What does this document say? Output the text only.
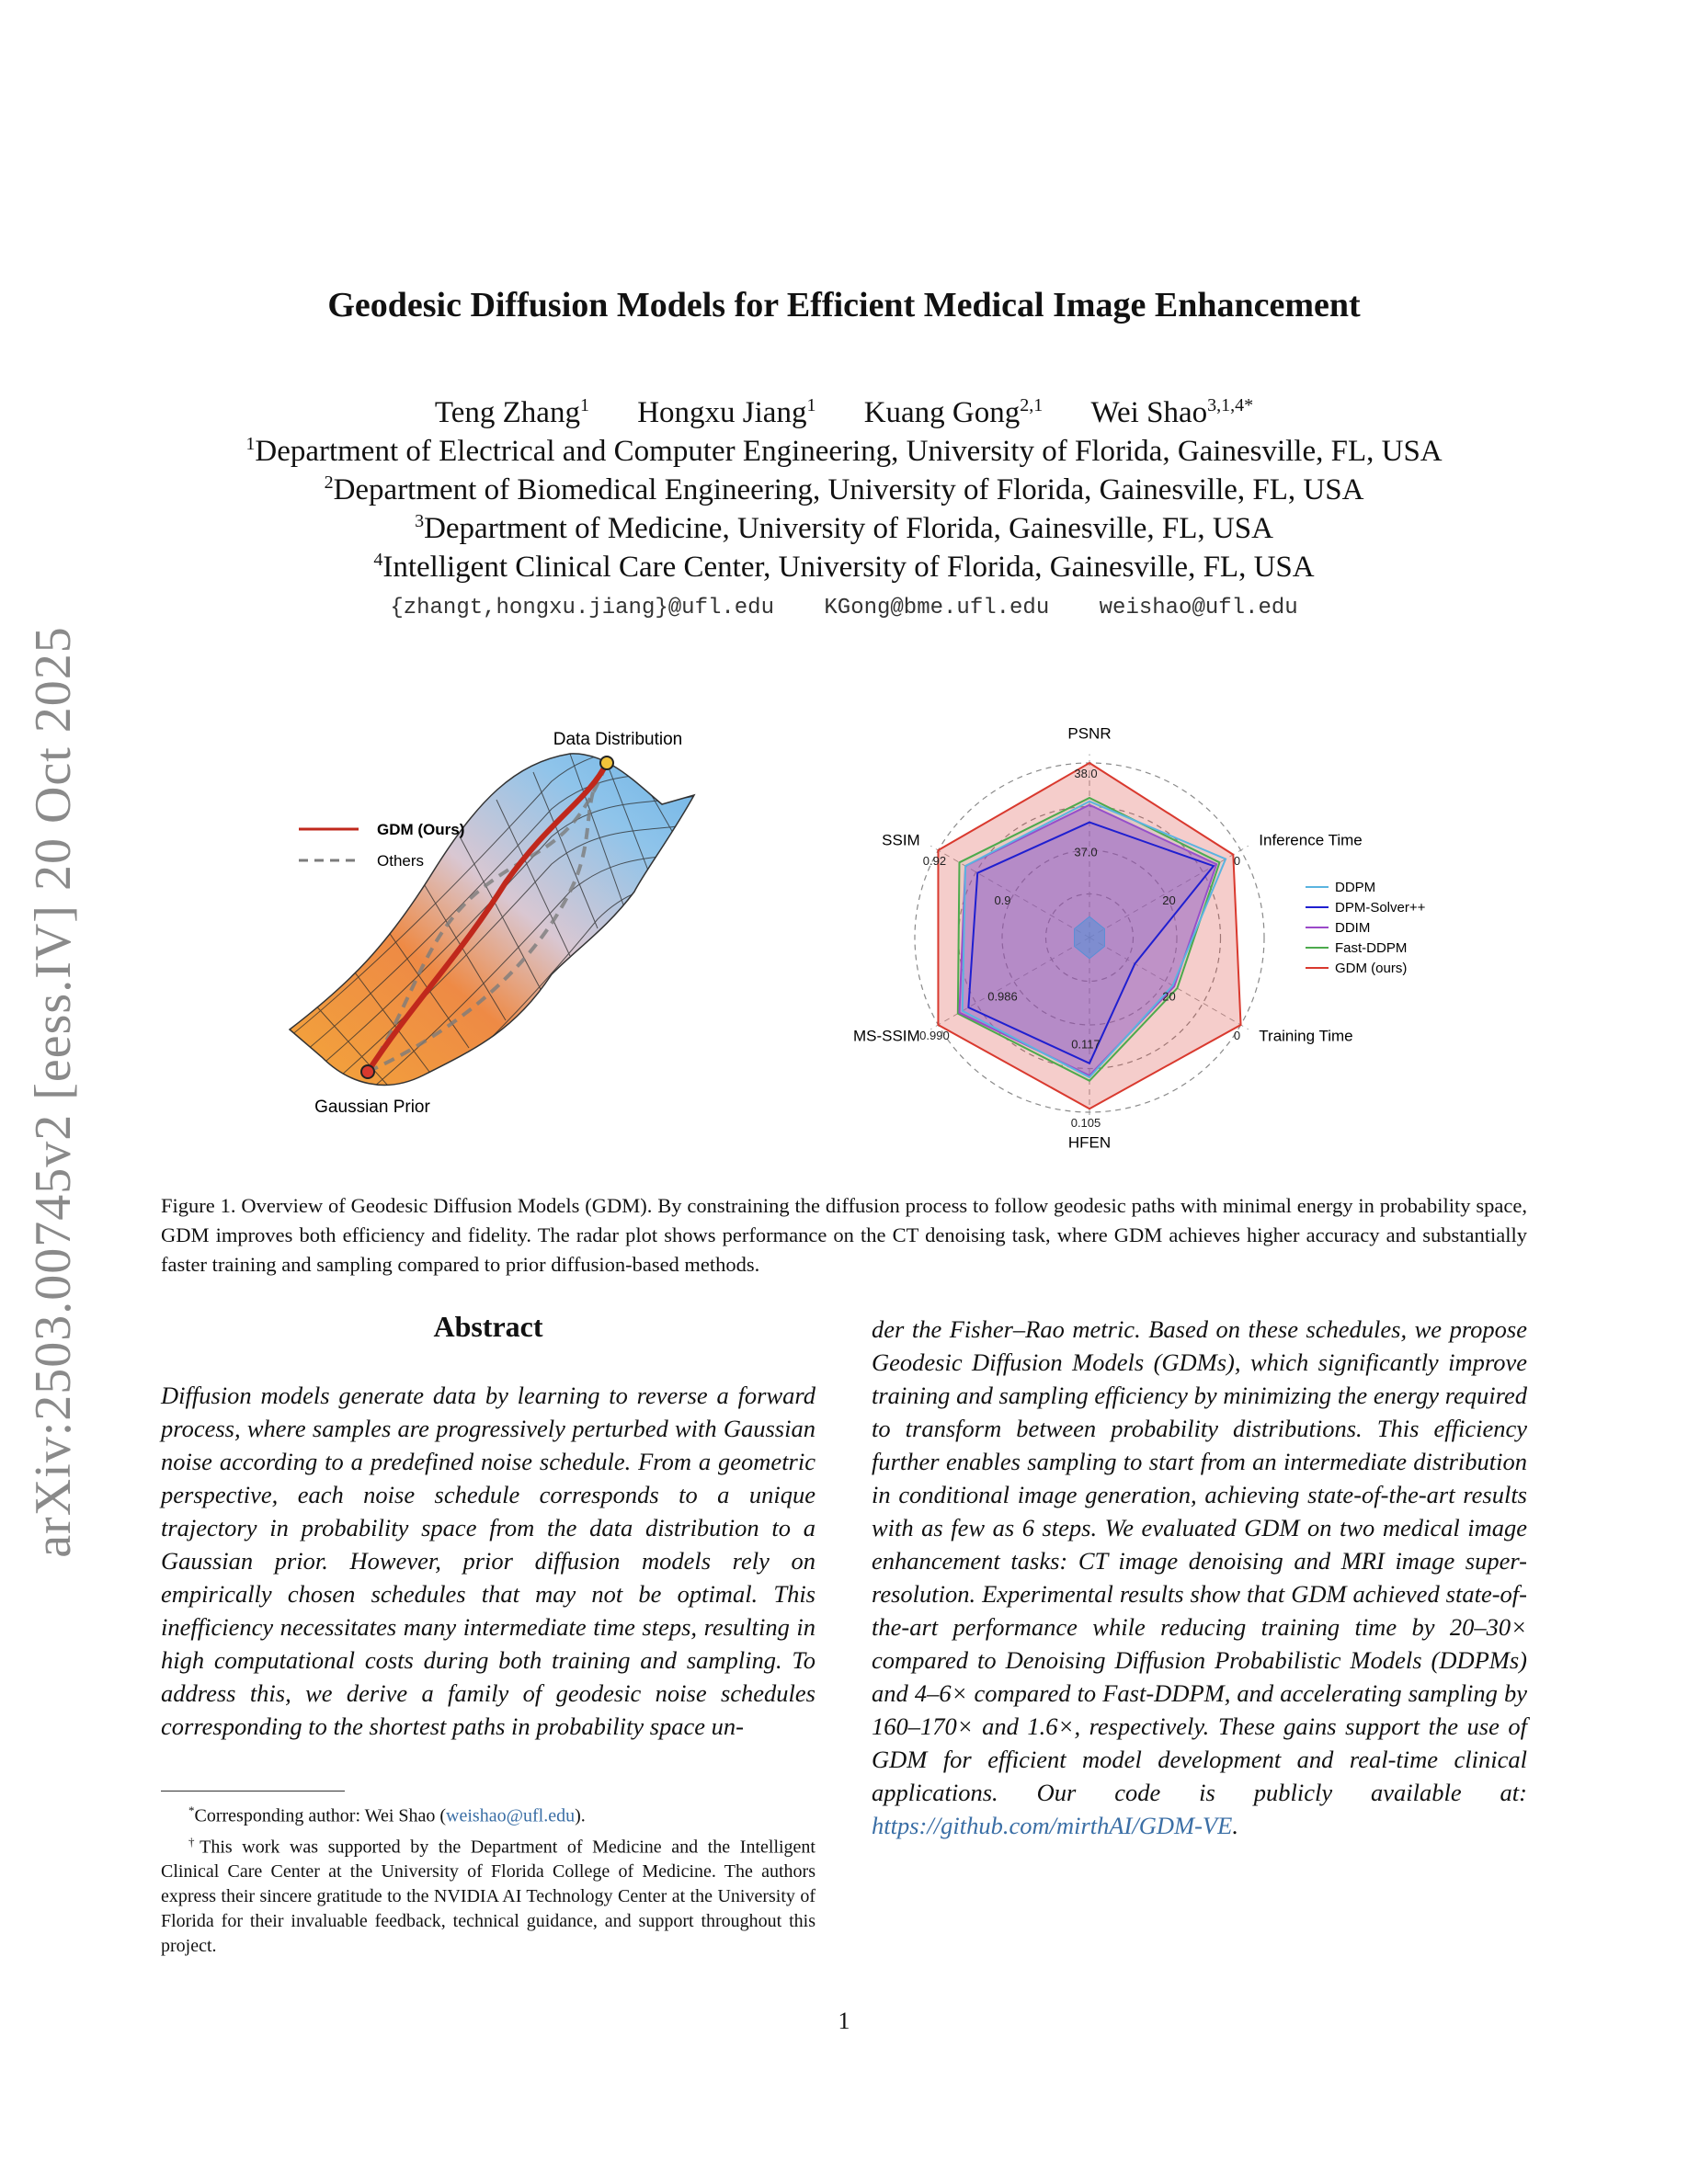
arXiv:2503.00745v2 [eess.IV] 20 Oct 2025
Geodesic Diffusion Models for Efficient Medical Image Enhancement
Teng Zhang$^1$ Hongxu Jiang$^1$ Kuang Gong$^{2,1}$ Wei Shao$^{3,1,4*}$
$^1$Department of Electrical and Computer Engineering, University of Florida, Gainesville, FL, USA
$^2$Department of Biomedical Engineering, University of Florida, Gainesville, FL, USA
$^3$Department of Medicine, University of Florida, Gainesville, FL, USA
$^4$Intelligent Clinical Care Center, University of Florida, Gainesville, FL, USA
{zhangt,hongxu.jiang}@ufl.edu KGong@bme.ufl.edu weishao@ufl.edu
Data Distribution
Gaussian Prior
GDM (Ours)
Others
PSNR
Inference Time
Training Time
HFEN
MS-SSIM
SSIM
37.0
38.0
20
0
20
0
0.117
0.105
0.986
0.990
0.9
0.92
DDPM
DPM-Solver++
DDIM
Fast-DDPM
GDM (ours)
Figure 1. Overview of Geodesic Diffusion Models (GDM). By constraining the diffusion process to follow geodesic paths with minimal energy in probability space, GDM improves both efficiency and fidelity. The radar plot shows performance on the CT denoising task, where GDM achieves higher accuracy and substantially faster training and sampling compared to prior diffusion-based methods.
Abstract
Diffusion models generate data by learning to reverse a forward process, where samples are progressively perturbed with Gaussian noise according to a predefined noise schedule. From a geometric perspective, each noise schedule corresponds to a unique trajectory in probability space from the data distribution to a Gaussian prior. However, prior diffusion models rely on empirically chosen schedules that may not be optimal. This inefficiency necessitates many intermediate time steps, resulting in high computational costs during both training and sampling. To address this, we derive a family of geodesic noise schedules corresponding to the shortest paths in probability space un-
der the Fisher–Rao metric. Based on these schedules, we propose Geodesic Diffusion Models (GDMs), which significantly improve training and sampling efficiency by minimizing the energy required to transform between probability distributions. This efficiency further enables sampling to start from an intermediate distribution in conditional image generation, achieving state-of-the-art results with as few as 6 steps. We evaluated GDM on two medical image enhancement tasks: CT image denoising and MRI image super-resolution. Experimental results show that GDM achieved state-of-the-art performance while reducing training time by 20–30× compared to Denoising Diffusion Probabilistic Models (DDPMs) and 4–6× compared to Fast-DDPM, and accelerating sampling by 160–170× and 1.6×, respectively. These gains support the use of GDM for efficient model development and real-time clinical applications. Our code is publicly available at: https://github.com/mirthAI/GDM-VE.

*Corresponding author: Wei Shao (weishao@ufl.edu).

†This work was supported by the Department of Medicine and the Intelligent Clinical Care Center at the University of Florida College of Medicine. The authors express their sincere gratitude to the NVIDIA AI Technology Center at the University of Florida for their invaluable feedback, technical guidance, and support throughout this project.

1
